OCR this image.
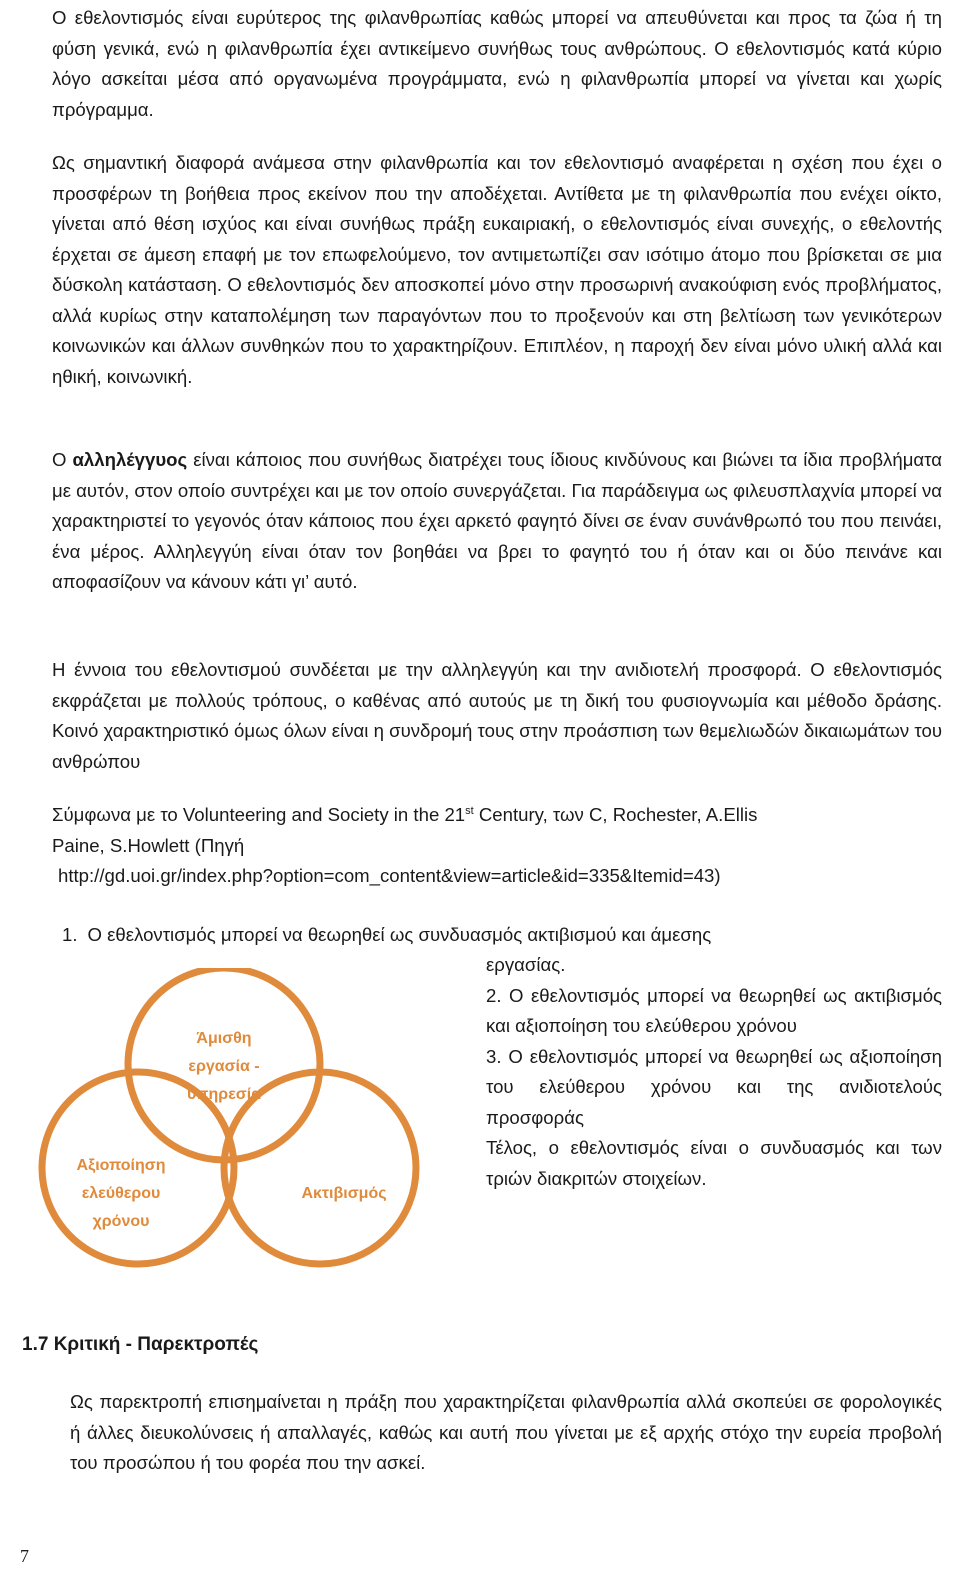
Ο εθελοντισμός είναι ευρύτερος της φιλανθρωπίας καθώς μπορεί να απευθύνεται και προς τα ζώα ή τη φύση γενικά, ενώ η φιλανθρωπία έχει αντικείμενο συνήθως τους ανθρώπους. Ο εθελοντισμός κατά κύριο λόγο ασκείται μέσα από οργανωμένα προγράμματα, ενώ η φιλανθρωπία μπορεί να γίνεται και χωρίς πρόγραμμα.

Ως σημαντική διαφορά ανάμεσα στην φιλανθρωπία και τον εθελοντισμό αναφέρεται η σχέση που έχει ο προσφέρων τη βοήθεια προς εκείνον που την αποδέχεται. Αντίθετα με τη φιλανθρωπία που ενέχει οίκτο, γίνεται από θέση ισχύος και είναι συνήθως πράξη ευκαιριακή, ο εθελοντισμός είναι συνεχής, ο εθελοντής έρχεται σε άμεση επαφή με τον επωφελούμενο, τον αντιμετωπίζει σαν ισότιμο άτομο που βρίσκεται σε μια δύσκολη κατάσταση. Ο εθελοντισμός δεν αποσκοπεί μόνο στην προσωρινή ανακούφιση ενός προβλήματος, αλλά κυρίως στην καταπολέμηση των παραγόντων που το προξενούν και στη βελτίωση των γενικότερων κοινωνικών και άλλων συνθηκών που το χαρακτηρίζουν. Επιπλέον, η παροχή δεν είναι μόνο υλική αλλά και ηθική, κοινωνική.

Ο αλληλέγγυος είναι κάποιος που συνήθως διατρέχει τους ίδιους κινδύνους και βιώνει τα ίδια προβλήματα με αυτόν, στον οποίο συντρέχει και με τον οποίο συνεργάζεται. Για παράδειγμα ως φιλευσπλαχνία μπορεί να χαρακτηριστεί το γεγονός όταν κάποιος που έχει αρκετό φαγητό δίνει σε έναν συνάνθρωπό του που πεινάει, ένα μέρος. Αλληλεγγύη είναι όταν τον βοηθάει να βρει το φαγητό του ή όταν και οι δύο πεινάνε και αποφασίζουν να κάνουν κάτι γι’ αυτό.

Η έννοια του εθελοντισμού συνδέεται με την αλληλεγγύη και την ανιδιοτελή προσφορά. Ο εθελοντισμός εκφράζεται με πολλούς τρόπους, ο καθένας από αυτούς με τη δική του φυσιογνωμία και μέθοδο δράσης. Κοινό χαρακτηριστικό όμως όλων είναι η συνδρομή τους στην προάσπιση των θεμελιωδών δικαιωμάτων του ανθρώπου

Σύμφωνα με το Volunteering and Society in the 21st Century, των C, Rochester, A.Ellis
Paine, S.Howlett (Πηγή
http://gd.uoi.gr/index.php?option=com_content&view=article&id=335&Itemid=43)

1. Ο εθελοντισμός μπορεί να θεωρηθεί ως συνδυασμός ακτιβισμού και άμεσης
εργασίας.
2. Ο εθελοντισμός μπορεί να θεωρηθεί ως ακτιβισμός και αξιοποίηση του ελεύθερου χρόνου
3. Ο εθελοντισμός μπορεί να θεωρηθεί ως αξιοποίηση του ελεύθερου χρόνου και της ανιδιοτελούς προσφοράς
Τέλος, ο εθελοντισμός είναι ο συνδυασμός και των τριών διακριτών στοιχείων.
Άμισθη
εργασία -
υπηρεσία
Αξιοποίηση
ελεύθερου
χρόνου
Ακτιβισμός
1.7 Κριτική - Παρεκτροπές

Ως παρεκτροπή επισημαίνεται η πράξη που χαρακτηρίζεται φιλανθρωπία αλλά σκοπεύει σε φορολογικές ή άλλες διευκολύνσεις ή απαλλαγές, καθώς και αυτή που γίνεται με εξ αρχής στόχο την ευρεία προβολή του προσώπου ή του φορέα που την ασκεί.

7
